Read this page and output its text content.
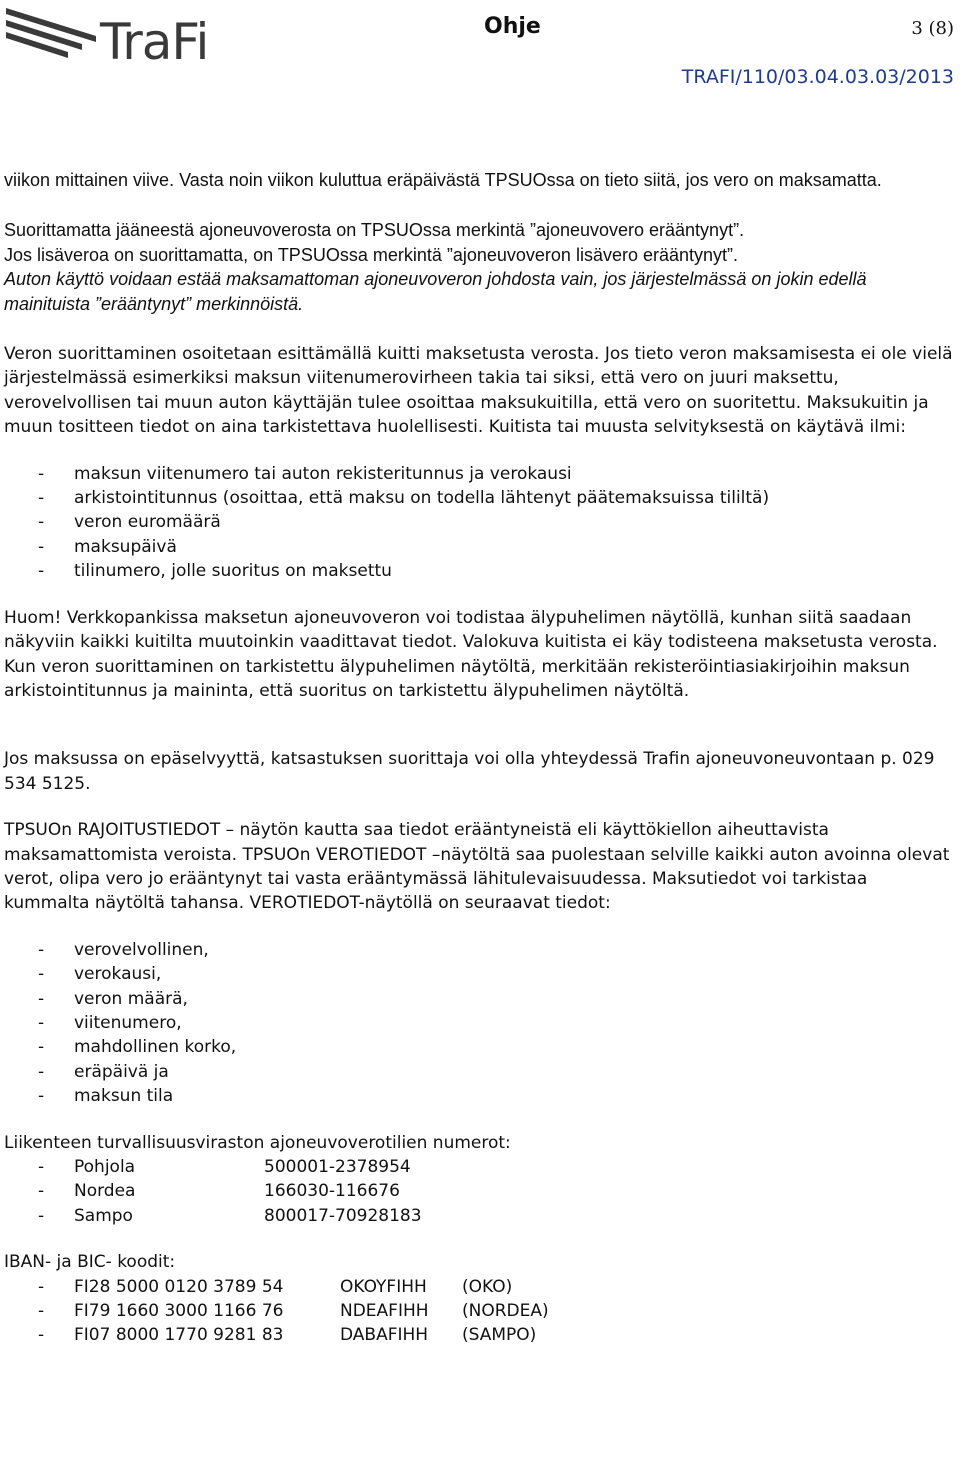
TraFi	Ohje	3 (8)
TRAFI/110/03.04.03.03/2013

viikon mittainen viive. Vasta noin viikon kuluttua eräpäivästä TPSUOssa on tieto siitä, jos vero on maksamatta.

Suorittamatta jääneestä ajoneuvoverosta on TPSUOssa merkintä ”ajoneuvovero erääntynyt”.

Jos lisäveroa on suorittamatta, on TPSUOssa merkintä ”ajoneuvoveron lisävero erääntynyt”.

Auton käyttö voidaan estää maksamattoman ajoneuvoveron johdosta vain, jos järjestelmässä on jokin edellä mainituista ”erääntynyt” merkinnöistä.

Veron suorittaminen osoitetaan esittämällä kuitti maksetusta verosta. Jos tieto veron maksamisesta ei ole vielä järjestelmässä esimerkiksi maksun viitenumerovirheen takia tai siksi, että vero on juuri maksettu, verovelvollisen tai muun auton käyttäjän tulee osoittaa maksukuitilla, että vero on suoritettu. Maksukuitin ja muun tositteen tiedot on aina tarkistettava huolellisesti. Kuitista tai muusta selvityksestä on käytävä ilmi:

- maksun viitenumero tai auton rekisteritunnus ja verokausi
- arkistointitunnus (osoittaa, että maksu on todella lähtenyt päätemaksuissa tililtä)
- veron euromäärä
- maksupäivä
- tilinumero, jolle suoritus on maksettu

Huom! Verkkopankissa maksetun ajoneuvoveron voi todistaa älypuhelimen näytöllä, kunhan siitä saadaan näkyviin kaikki kuitilta muutoinkin vaadittavat tiedot. Valokuva kuitista ei käy todisteena maksetusta verosta. Kun veron suorittaminen on tarkistettu älypuhelimen näytöltä, merkitään rekisteröintiasiakirjoihin maksun arkistointitunnus ja maininta, että suoritus on tarkistettu älypuhelimen näytöltä.

Jos maksussa on epäselvyyttä, katsastuksen suorittaja voi olla yhteydessä Trafin ajoneuvoneuvontaan p. 029 534 5125.

TPSUOn RAJOITUSTIEDOT – näytön kautta saa tiedot erääntyneistä eli käyttökiellon aiheuttavista maksamattomista veroista. TPSUOn VEROTIEDOT –näytöltä saa puolestaan selville kaikki auton avoinna olevat verot, olipa vero jo erääntynyt tai vasta erääntymässä lähitulevaisuudessa. Maksutiedot voi tarkistaa kummalta näytöltä tahansa. VEROTIEDOT-näytöllä on seuraavat tiedot:

- verovelvollinen,
- verokausi,
- veron määrä,
- viitenumero,
- mahdollinen korko,
- eräpäivä ja
- maksun tila

Liikenteen turvallisuusviraston ajoneuvoverotilien numerot:

- Pohjola	500001-2378954
- Nordea	166030-116676
- Sampo	800017-70928183

IBAN- ja BIC- koodit:

- FI28 5000 0120 3789 54	OKOYFIHH (OKO)
- FI79 1660 3000 1166 76	NDEAFIHH (NORDEA)
- FI07 8000 1770 9281 83	DABAFIHH (SAMPO)
